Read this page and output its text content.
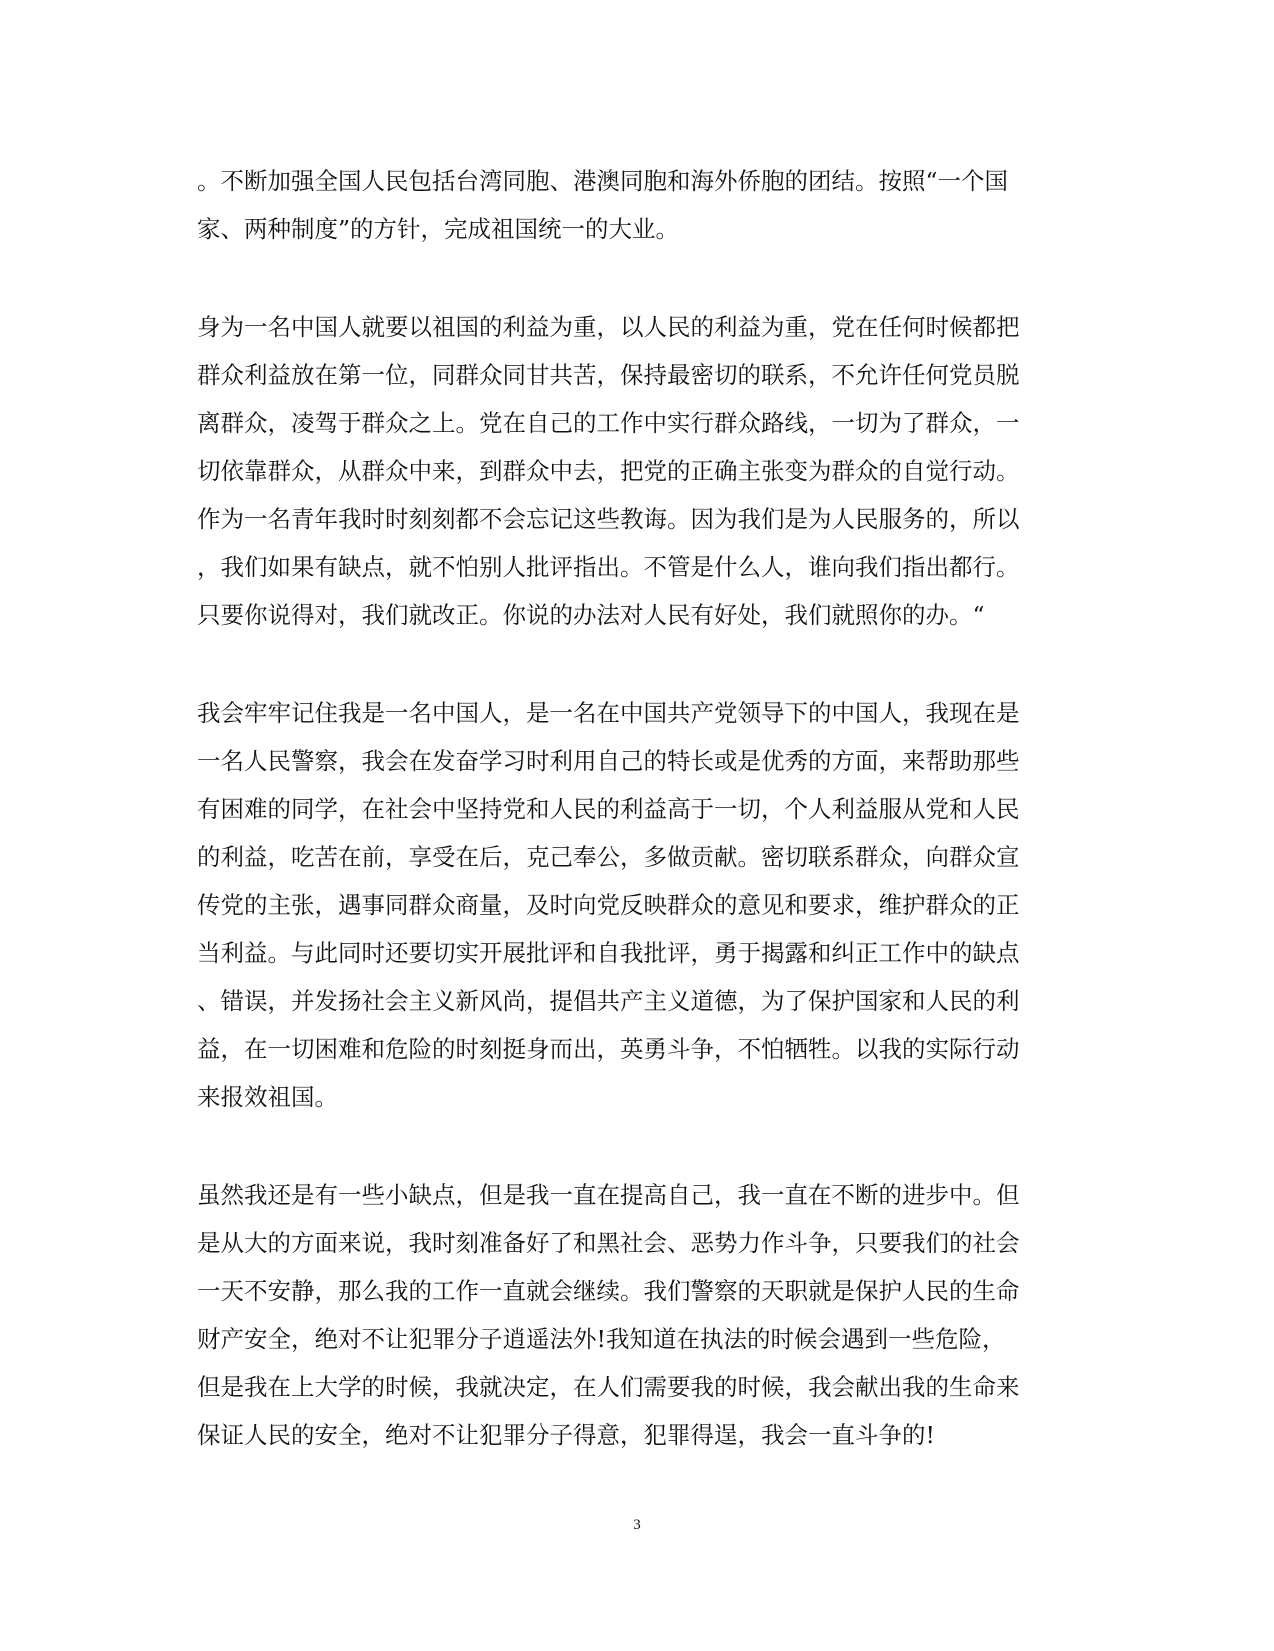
。不断加强全国人民包括台湾同胞、港澳同胞和海外侨胞的团结。按照“一个国
家、两种制度”的方针，完成祖国统一的大业。
身为一名中国人就要以祖国的利益为重，以人民的利益为重，党在任何时候都把
群众利益放在第一位，同群众同甘共苦，保持最密切的联系，不允许任何党员脱
离群众，凌驾于群众之上。党在自己的工作中实行群众路线，一切为了群众，一
切依靠群众，从群众中来，到群众中去，把党的正确主张变为群众的自觉行动。
作为一名青年我时时刻刻都不会忘记这些教诲。因为我们是为人民服务的，所以
，我们如果有缺点，就不怕别人批评指出。不管是什么人，谁向我们指出都行。
只要你说得对，我们就改正。你说的办法对人民有好处，我们就照你的办。“
我会牢牢记住我是一名中国人，是一名在中国共产党领导下的中国人，我现在是
一名人民警察，我会在发奋学习时利用自己的特长或是优秀的方面，来帮助那些
有困难的同学，在社会中坚持党和人民的利益高于一切，个人利益服从党和人民
的利益，吃苦在前，享受在后，克己奉公，多做贡献。密切联系群众，向群众宣
传党的主张，遇事同群众商量，及时向党反映群众的意见和要求，维护群众的正
当利益。与此同时还要切实开展批评和自我批评，勇于揭露和纠正工作中的缺点
、错误，并发扬社会主义新风尚，提倡共产主义道德，为了保护国家和人民的利
益，在一切困难和危险的时刻挺身而出，英勇斗争，不怕牺牲。以我的实际行动
来报效祖国。
虽然我还是有一些小缺点，但是我一直在提高自己，我一直在不断的进步中。但
是从大的方面来说，我时刻准备好了和黑社会、恶势力作斗争，只要我们的社会
一天不安静，那么我的工作一直就会继续。我们警察的天职就是保护人民的生命
财产安全，绝对不让犯罪分子逍遥法外!我知道在执法的时候会遇到一些危险，
但是我在上大学的时候，我就决定，在人们需要我的时候，我会献出我的生命来
保证人民的安全，绝对不让犯罪分子得意，犯罪得逞，我会一直斗争的!
3
